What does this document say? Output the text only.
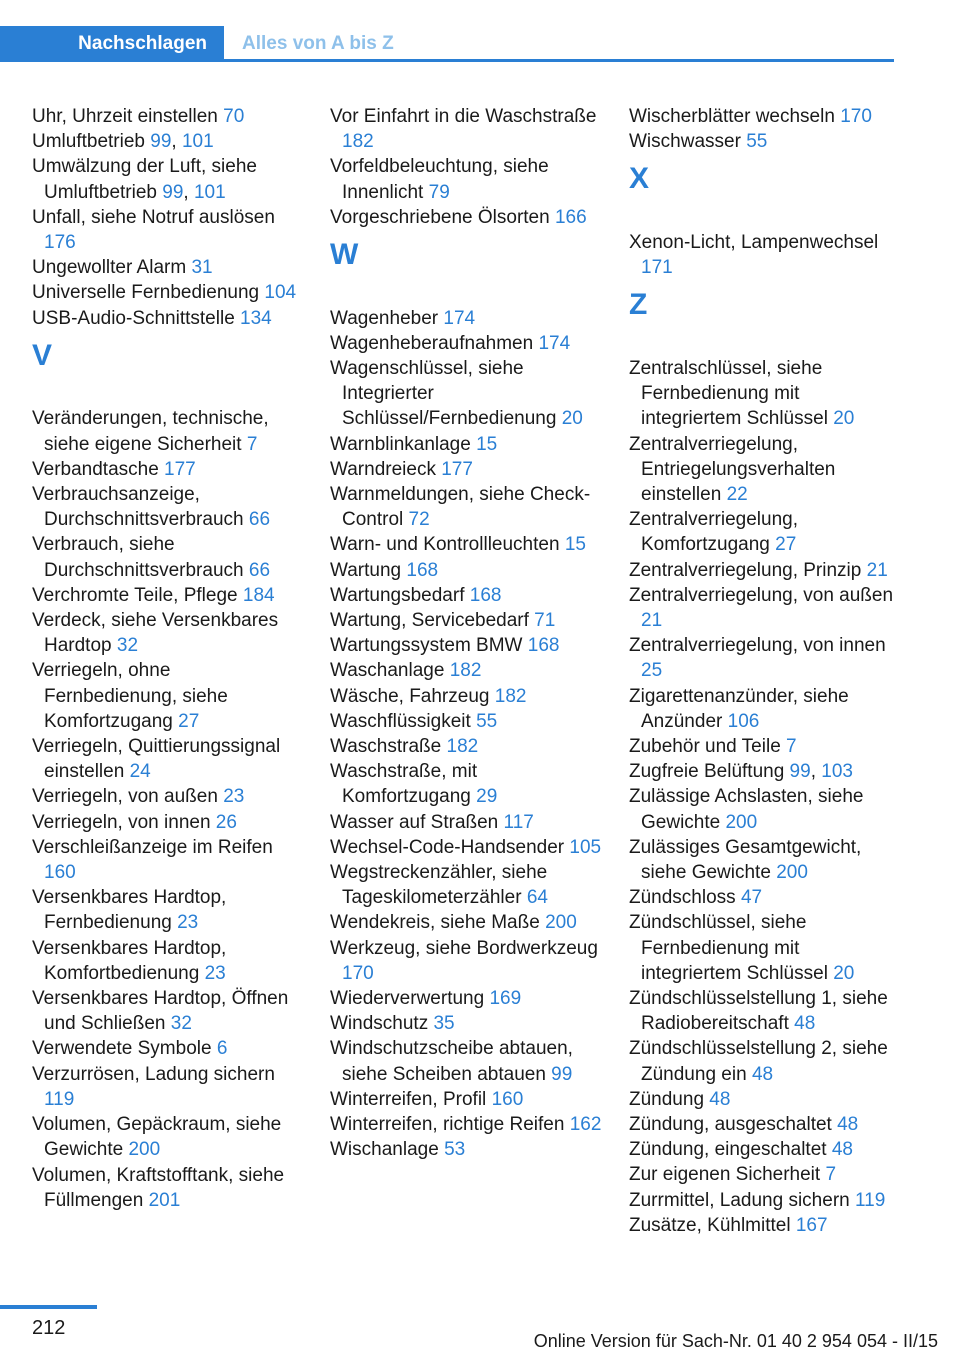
Nachschlagen	Alles von A bis Z
Uhr, Uhrzeit einstellen 70
Umluftbetrieb 99, 101
Umwälzung der Luft, siehe Umluftbetrieb 99, 101
Unfall, siehe Notruf auslösen 176
Ungewollter Alarm 31
Universelle Fernbedienung 104
USB-Audio-Schnittstelle 134
V
Veränderungen, technische, siehe eigene Sicherheit 7
Verbandtasche 177
Verbrauchsanzeige, Durchschnittsverbrauch 66
Verbrauch, siehe Durchschnittsverbrauch 66
Verchromte Teile, Pflege 184
Verdeck, siehe Versenkbares Hardtop 32
Verriegeln, ohne Fernbedienung, siehe Komfortzugang 27
Verriegeln, Quittierungssignal einstellen 24
Verriegeln, von außen 23
Verriegeln, von innen 26
Verschleißanzeige im Reifen 160
Versenkbares Hardtop, Fernbedienung 23
Versenkbares Hardtop, Komfortbedienung 23
Versenkbares Hardtop, Öffnen und Schließen 32
Verwendete Symbole 6
Verzurrösen, Ladung sichern 119
Volumen, Gepäckraum, siehe Gewichte 200
Volumen, Kraftstofftank, siehe Füllmengen 201
Vor Einfahrt in die Waschstraße 182
Vorfeldbeleuchtung, siehe Innenlicht 79
Vorgeschriebene Ölsorten 166
W
Wagenheber 174
Wagenheberaufnahmen 174
Wagenschlüssel, siehe Integrierter Schlüssel/Fernbedienung 20
Warnblinkanlage 15
Warndreieck 177
Warnmeldungen, siehe Check-Control 72
Warn- und Kontrollleuchten 15
Wartung 168
Wartungsbedarf 168
Wartung, Servicebedarf 71
Wartungssystem BMW 168
Waschanlage 182
Wäsche, Fahrzeug 182
Waschflüssigkeit 55
Waschstraße 182
Waschstraße, mit Komfortzugang 29
Wasser auf Straßen 117
Wechsel-Code-Handsender 105
Wegstreckenzähler, siehe Tageskilometerzähler 64
Wendekreis, siehe Maße 200
Werkzeug, siehe Bordwerkzeug 170
Wiederverwertung 169
Windschutz 35
Windschutzscheibe abtauen, siehe Scheiben abtauen 99
Winterreifen, Profil 160
Winterreifen, richtige Reifen 162
Wischanlage 53
Wischerblätter wechseln 170
Wischwasser 55
X
Xenon-Licht, Lampenwechsel 171
Z
Zentralschlüssel, siehe Fernbedienung mit integriertem Schlüssel 20
Zentralverriegelung, Entriegelungsverhalten einstellen 22
Zentralverriegelung, Komfortzugang 27
Zentralverriegelung, Prinzip 21
Zentralverriegelung, von außen 21
Zentralverriegelung, von innen 25
Zigarettenanzünder, siehe Anzünder 106
Zubehör und Teile 7
Zugfreie Belüftung 99, 103
Zulässige Achslasten, siehe Gewichte 200
Zulässiges Gesamtgewicht, siehe Gewichte 200
Zündschloss 47
Zündschlüssel, siehe Fernbedienung mit integriertem Schlüssel 20
Zündschlüsselstellung 1, siehe Radiobereitschaft 48
Zündschlüsselstellung 2, siehe Zündung ein 48
Zündung 48
Zündung, ausgeschaltet 48
Zündung, eingeschaltet 48
Zur eigenen Sicherheit 7
Zurrmittel, Ladung sichern 119
Zusätze, Kühlmittel 167
212
Online Version für Sach-Nr. 01 40 2 954 054 - II/15
